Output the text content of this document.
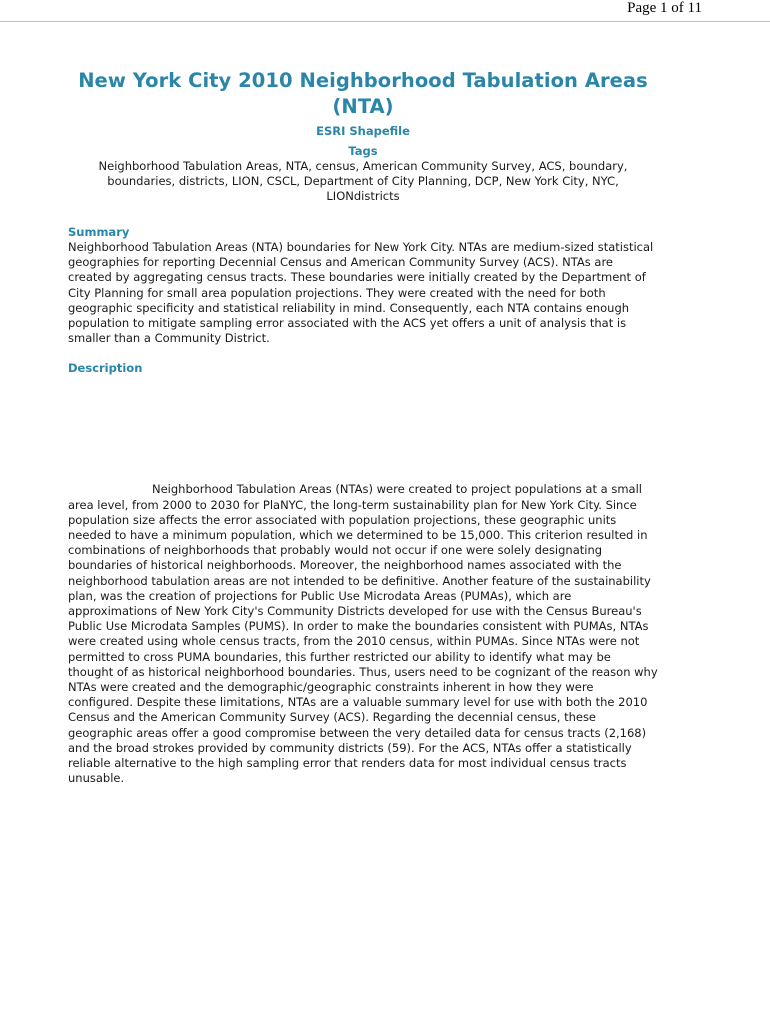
Page 1 of 11
New York City 2010 Neighborhood Tabulation Areas (NTA)
ESRI Shapefile
Tags
Neighborhood Tabulation Areas, NTA, census, American Community Survey, ACS, boundary, boundaries, districts, LION, CSCL, Department of City Planning, DCP, New York City, NYC, LIONdistricts
Summary

Neighborhood Tabulation Areas (NTA) boundaries for New York City. NTAs are medium-sized statistical geographies for reporting Decennial Census and American Community Survey (ACS). NTAs are created by aggregating census tracts. These boundaries were initially created by the Department of City Planning for small area population projections. They were created with the need for both geographic specificity and statistical reliability in mind. Consequently, each NTA contains enough population to mitigate sampling error associated with the ACS yet offers a unit of analysis that is smaller than a Community District.

Description

Neighborhood Tabulation Areas (NTAs) were created to project populations at a small area level, from 2000 to 2030 for PlaNYC, the long-term sustainability plan for New York City. Since population size affects the error associated with population projections, these geographic units needed to have a minimum population, which we determined to be 15,000. This criterion resulted in combinations of neighborhoods that probably would not occur if one were solely designating boundaries of historical neighborhoods. Moreover, the neighborhood names associated with the neighborhood tabulation areas are not intended to be definitive. Another feature of the sustainability plan, was the creation of projections for Public Use Microdata Areas (PUMAs), which are approximations of New York City's Community Districts developed for use with the Census Bureau's Public Use Microdata Samples (PUMS). In order to make the boundaries consistent with PUMAs, NTAs were created using whole census tracts, from the 2010 census, within PUMAs. Since NTAs were not permitted to cross PUMA boundaries, this further restricted our ability to identify what may be thought of as historical neighborhood boundaries. Thus, users need to be cognizant of the reason why NTAs were created and the demographic/geographic constraints inherent in how they were configured. Despite these limitations, NTAs are a valuable summary level for use with both the 2010 Census and the American Community Survey (ACS). Regarding the decennial census, these geographic areas offer a good compromise between the very detailed data for census tracts (2,168) and the broad strokes provided by community districts (59). For the ACS, NTAs offer a statistically reliable alternative to the high sampling error that renders data for most individual census tracts unusable.
